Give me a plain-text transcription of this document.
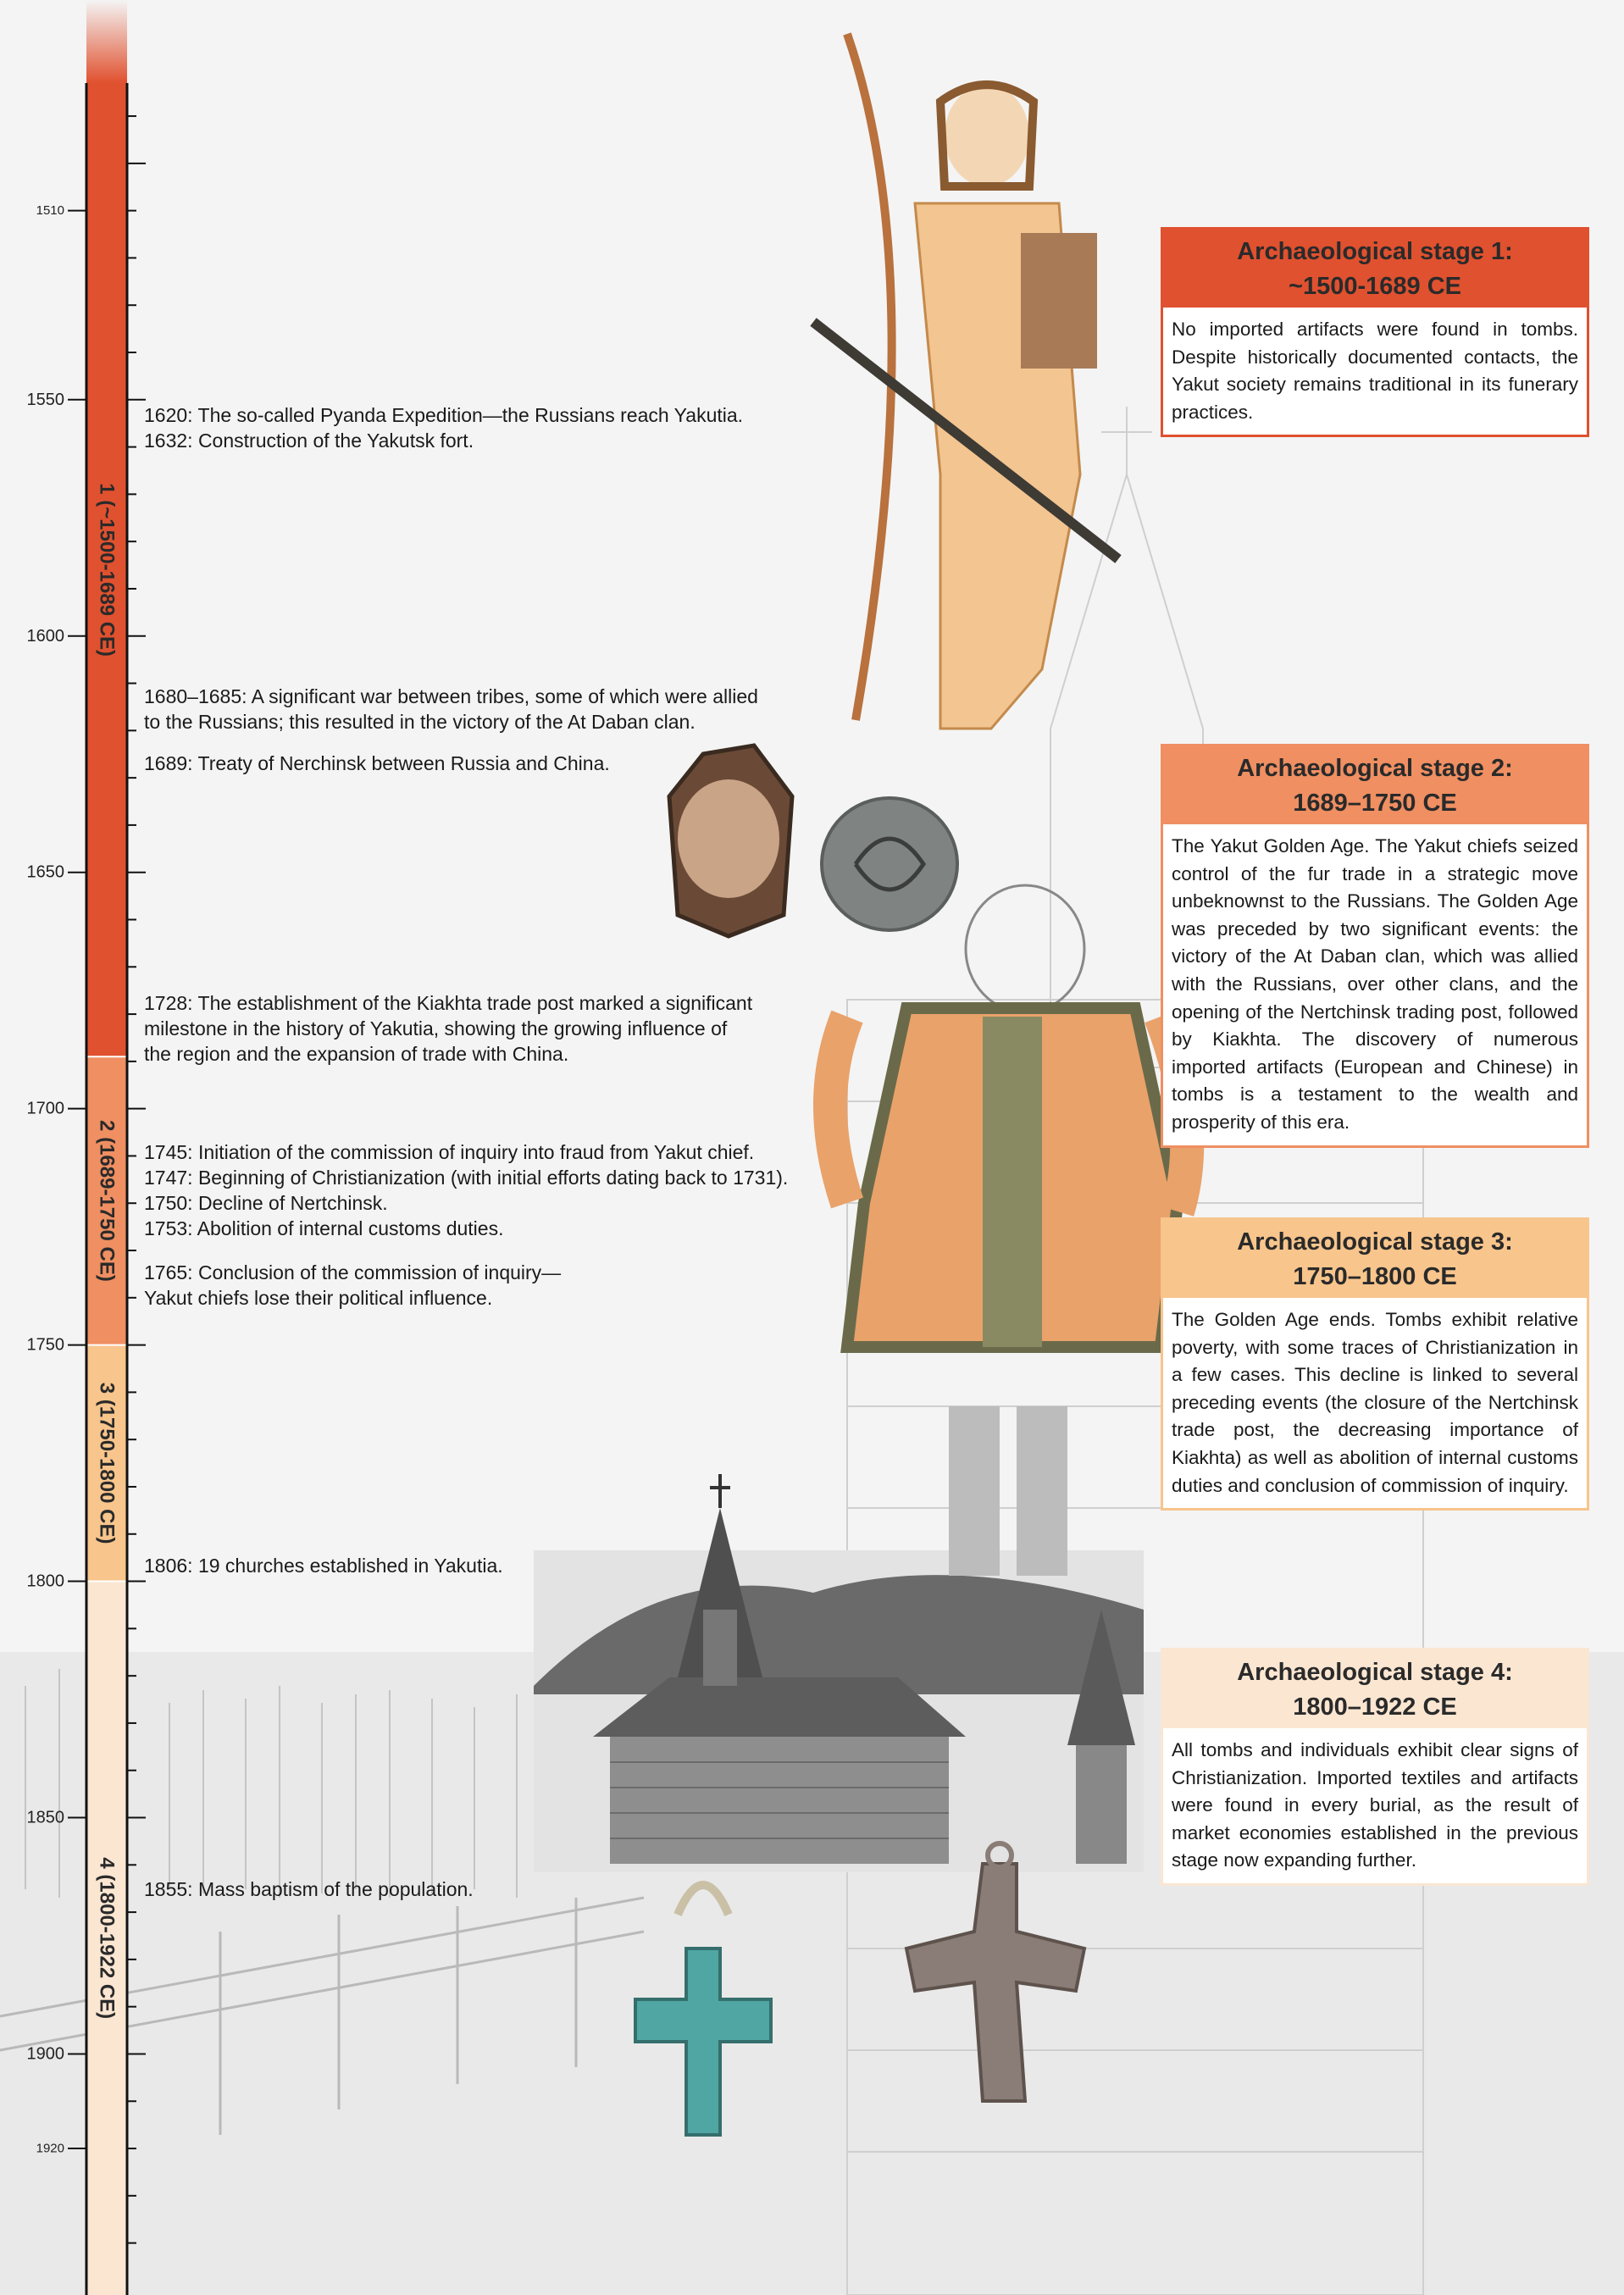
1 (~1500-1689 CE)
2 (1689-1750 CE)
3 (1750-1800 CE)
4 (1800-1922 CE)
1510
1550
1600
1650
1700
1750
1800
1850
1900
1920
1620: The so-called Pyanda Expedition—the Russians reach Yakutia.
1632: Construction of the Yakutsk fort.
1680–1685: A significant war between tribes, some of which were allied
to the Russians; this resulted in the victory of the At Daban clan.
1689: Treaty of Nerchinsk between Russia and China.
1728: The establishment of the Kiakhta trade post marked a significant
milestone in the history of Yakutia, showing the growing influence of
the region and the expansion of trade with China.
1745: Initiation of the commission of inquiry into fraud from Yakut chief.
1747: Beginning of Christianization (with initial efforts dating back to 1731).
1750: Decline of Nertchinsk.
1753: Abolition of internal customs duties.
1765: Conclusion of the commission of inquiry—
Yakut chiefs lose their political influence.
1806: 19 churches established in Yakutia.
1855: Mass baptism of the population.
Archaeological stage 1:
~1500-1689 CE
No imported artifacts were found in tombs. Despite historically documented contacts, the Yakut society remains traditional in its funerary practices.
Archaeological stage 2:
1689–1750 CE
The Yakut Golden Age. The Yakut chiefs seized control of the fur trade in a strategic move unbeknownst to the Russians. The Golden Age was preceded by two significant events: the victory of the At Daban clan, which was allied with the Russians, over other clans, and the opening of the Nertchinsk trading post, followed by Kiakhta. The discovery of numerous imported artifacts (European and Chinese) in tombs is a testament to the wealth and prosperity of this era.
Archaeological stage 3:
1750–1800 CE
The Golden Age ends. Tombs exhibit relative poverty, with some traces of Christianization in a few cases. This decline is linked to several preceding events (the closure of the Nertchinsk trade post, the decreasing importance of Kiakhta) as well as abolition of internal customs duties and conclusion of commission of inquiry.
Archaeological stage 4:
1800–1922 CE
All tombs and individuals exhibit clear signs of Christianization. Imported textiles and artifacts were found in every burial, as the result of market economies established in the previous stage now expanding further.
